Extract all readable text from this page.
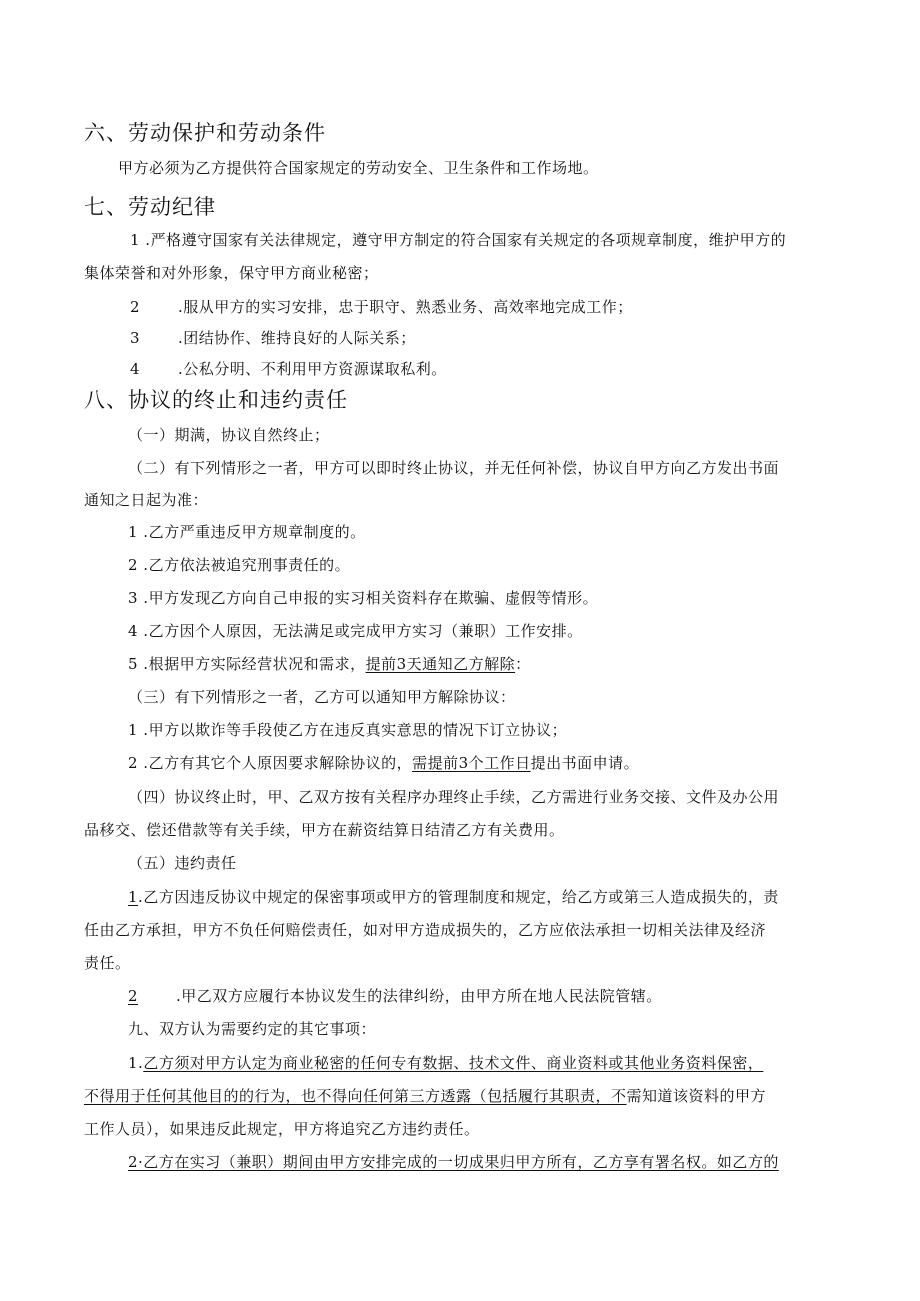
六、劳动保护和劳动条件
甲方必须为乙方提供符合国家规定的劳动安全、卫生条件和工作场地。
七、劳动纪律
1 .严格遵守国家有关法律规定，遵守甲方制定的符合国家有关规定的各项规章制度，维护甲方的
集体荣誉和对外形象，保守甲方商业秘密；
2	.服从甲方的实习安排，忠于职守、熟悉业务、高效率地完成工作；
3	.团结协作、维持良好的人际关系；
4	.公私分明、不利用甲方资源谋取私利。
八、协议的终止和违约责任
（一）期满，协议自然终止；
（二）有下列情形之一者，甲方可以即时终止协议，并无任何补偿，协议自甲方向乙方发出书面
通知之日起为准：
1 .乙方严重违反甲方规章制度的。
2 .乙方依法被追究刑事责任的。
3 .甲方发现乙方向自己申报的实习相关资料存在欺骗、虚假等情形。
4 .乙方因个人原因，无法满足或完成甲方实习（兼职）工作安排。
5 .根据甲方实际经营状况和需求，提前3天通知乙方解除：
（三）有下列情形之一者，乙方可以通知甲方解除协议：
1 .甲方以欺诈等手段使乙方在违反真实意思的情况下订立协议；
2 .乙方有其它个人原因要求解除协议的，需提前3个工作日提出书面申请。
（四）协议终止时，甲、乙双方按有关程序办理终止手续，乙方需进行业务交接、文件及办公用
品移交、偿还借款等有关手续，甲方在薪资结算日结清乙方有关费用。
（五）违约责任
1.乙方因违反协议中规定的保密事项或甲方的管理制度和规定，给乙方或第三人造成损失的，责
任由乙方承担，甲方不负任何赔偿责任，如对甲方造成损失的，乙方应依法承担一切相关法律及经济
责任。
2	.甲乙双方应履行本协议发生的法律纠纷，由甲方所在地人民法院管辖。
九、双方认为需要约定的其它事项：
1.乙方须对甲方认定为商业秘密的任何专有数据、技术文件、商业资料或其他业务资料保密，
不得用于任何其他目的的行为，也不得向任何第三方透露（包括履行其职责，不需知道该资料的甲方
工作人员），如果违反此规定，甲方将追究乙方违约责任。
2·乙方在实习（兼职）期间由甲方安排完成的一切成果归甲方所有，乙方享有署名权。如乙方的
